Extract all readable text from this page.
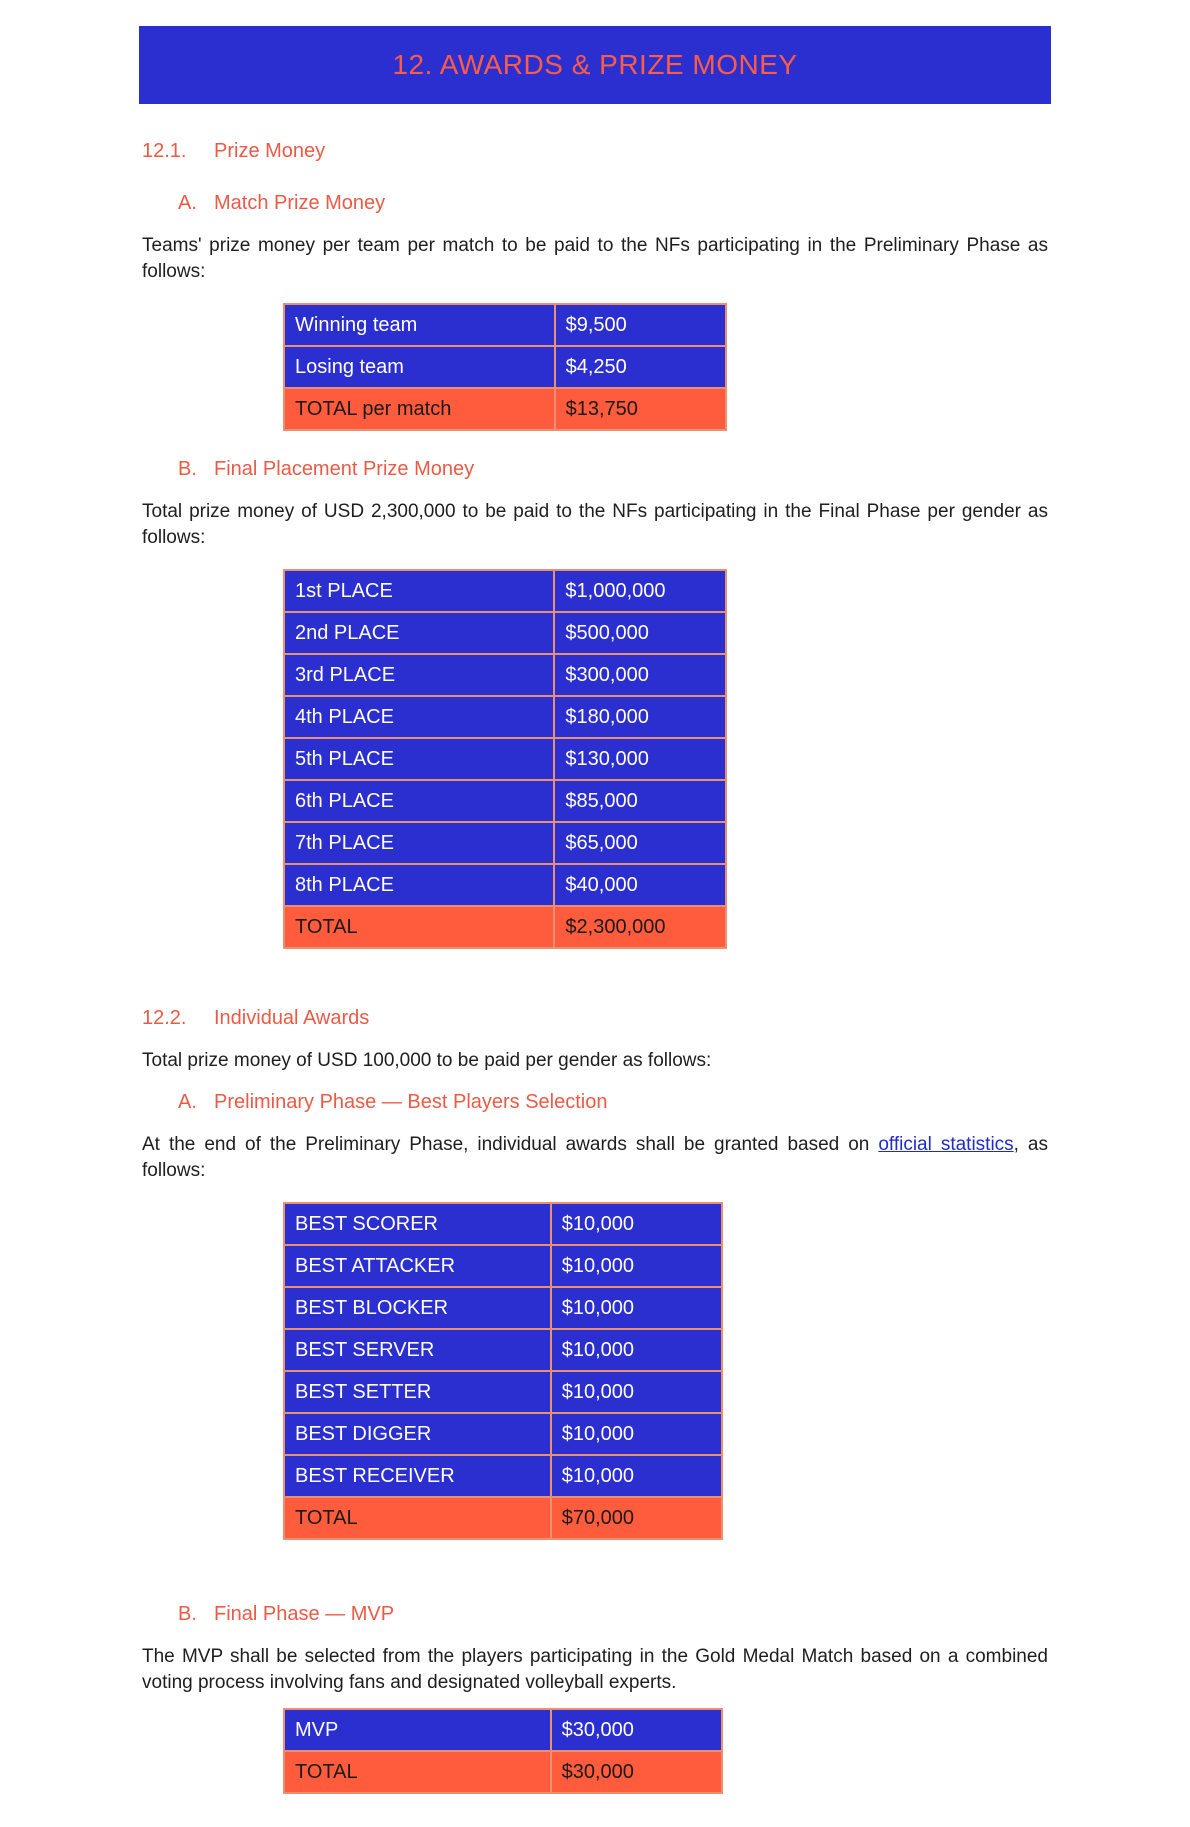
12. AWARDS & PRIZE MONEY
12.1. Prize Money
A. Match Prize Money
Teams' prize money per team per match to be paid to the NFs participating in the Preliminary Phase as follows:
Winning team	$9,500
Losing team	$4,250
TOTAL per match	$13,750
B. Final Placement Prize Money
Total prize money of USD 2,300,000 to be paid to the NFs participating in the Final Phase per gender as follows:
1st PLACE	$1,000,000
2nd PLACE	$500,000
3rd PLACE	$300,000
4th PLACE	$180,000
5th PLACE	$130,000
6th PLACE	$85,000
7th PLACE	$65,000
8th PLACE	$40,000
TOTAL	$2,300,000
12.2. Individual Awards
Total prize money of USD 100,000 to be paid per gender as follows:
A. Preliminary Phase — Best Players Selection
At the end of the Preliminary Phase, individual awards shall be granted based on official statistics, as follows:
BEST SCORER	$10,000
BEST ATTACKER	$10,000
BEST BLOCKER	$10,000
BEST SERVER	$10,000
BEST SETTER	$10,000
BEST DIGGER	$10,000
BEST RECEIVER	$10,000
TOTAL	$70,000
B. Final Phase — MVP
The MVP shall be selected from the players participating in the Gold Medal Match based on a combined voting process involving fans and designated volleyball experts.
MVP	$30,000
TOTAL	$30,000
